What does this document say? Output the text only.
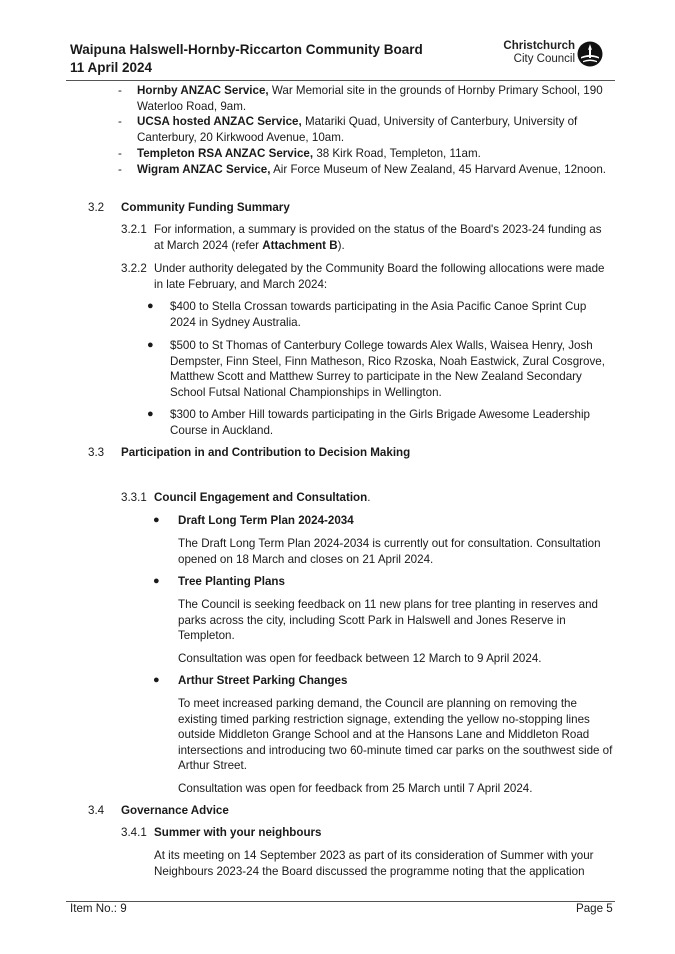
Waipuna Halswell-Hornby-Riccarton Community Board
11 April 2024
Christchurch
City Council
- Hornby ANZAC Service, War Memorial site in the grounds of Hornby Primary School, 190 Waterloo Road, 9am.
- UCSA hosted ANZAC Service, Matariki Quad, University of Canterbury, University of Canterbury, 20 Kirkwood Avenue, 10am.
- Templeton RSA ANZAC Service, 38 Kirk Road, Templeton, 11am.
- Wigram ANZAC Service, Air Force Museum of New Zealand, 45 Harvard Avenue, 12noon.
3.2 Community Funding Summary
3.2.1 For information, a summary is provided on the status of the Board's 2023-24 funding as at March 2024 (refer Attachment B).
3.2.2 Under authority delegated by the Community Board the following allocations were made in late February, and March 2024:
● $400 to Stella Crossan towards participating in the Asia Pacific Canoe Sprint Cup 2024 in Sydney Australia.
● $500 to St Thomas of Canterbury College towards Alex Walls, Waisea Henry, Josh Dempster, Finn Steel, Finn Matheson, Rico Rzoska, Noah Eastwick, Zural Cosgrove, Matthew Scott and Matthew Surrey to participate in the New Zealand Secondary School Futsal National Championships in Wellington.
● $300 to Amber Hill towards participating in the Girls Brigade Awesome Leadership Course in Auckland.
3.3 Participation in and Contribution to Decision Making
3.3.1 Council Engagement and Consultation.
● Draft Long Term Plan 2024-2034
The Draft Long Term Plan 2024-2034 is currently out for consultation. Consultation opened on 18 March and closes on 21 April 2024.
● Tree Planting Plans
The Council is seeking feedback on 11 new plans for tree planting in reserves and parks across the city, including Scott Park in Halswell and Jones Reserve in Templeton.
Consultation was open for feedback between 12 March to 9 April 2024.
● Arthur Street Parking Changes
To meet increased parking demand, the Council are planning on removing the existing timed parking restriction signage, extending the yellow no-stopping lines outside Middleton Grange School and at the Hansons Lane and Middleton Road intersections and introducing two 60-minute timed car parks on the southwest side of Arthur Street.
Consultation was open for feedback from 25 March until 7 April 2024.
3.4 Governance Advice
3.4.1 Summer with your neighbours
At its meeting on 14 September 2023 as part of its consideration of Summer with your Neighbours 2023-24 the Board discussed the programme noting that the application
Item No.: 9	Page 5
